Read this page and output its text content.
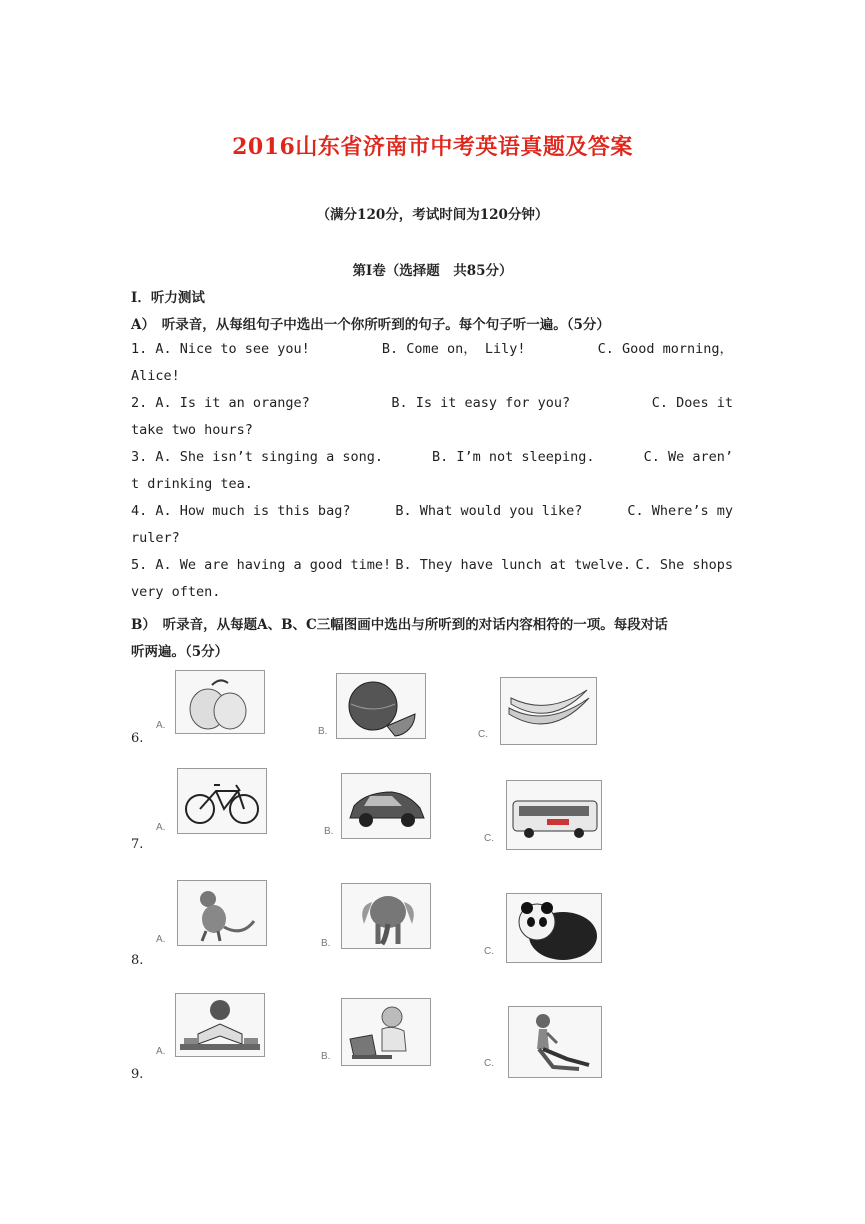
2016山东省济南市中考英语真题及答案
（满分120分，考试时间为120分钟）
第Ⅰ卷（选择题　共85分）
Ⅰ．听力测试
A）　听录音，从每组句子中选出一个你所听到的句子。每个句子听一遍。（5分）
1. A. Nice to see you!	B. Come on， Lily!	C. Good morning，
Alice!
2. A. Is it an orange?	B. Is it easy for you?	C. Does it
take two hours?
3. A. She isn’t singing a song.	B. I’m not sleeping.	C. We aren’
t drinking tea.
4. A. How much is this bag?	B. What would you like?	C. Where’s my
ruler?
5. A. We are having a good time! B. They have lunch at twelve. C. She shops
very often.
B）　听录音，从每题A、B、C三幅图画中选出与所听到的对话内容相符的一项。每段对话
听两遍。（5分）
6.
A.
B.	C.
7.
A.	B.
C.
8.
A.	B.
C.
9.
A.	B.
C.
